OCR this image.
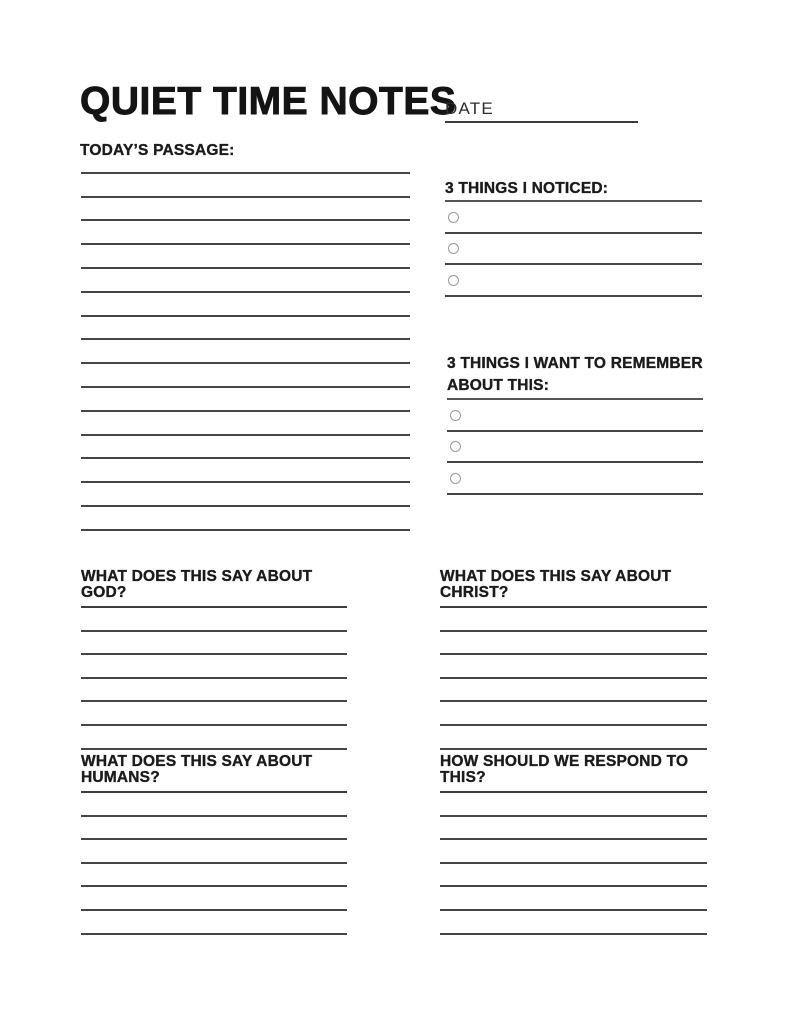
QUIET TIME NOTES
DATE
TODAY’S PASSAGE:
3 THINGS I NOTICED:
3 THINGS I WANT TO REMEMBER ABOUT THIS:
WHAT DOES THIS SAY ABOUT GOD?
WHAT DOES THIS SAY ABOUT CHRIST?
WHAT DOES THIS SAY ABOUT HUMANS?
HOW SHOULD WE RESPOND TO THIS?
